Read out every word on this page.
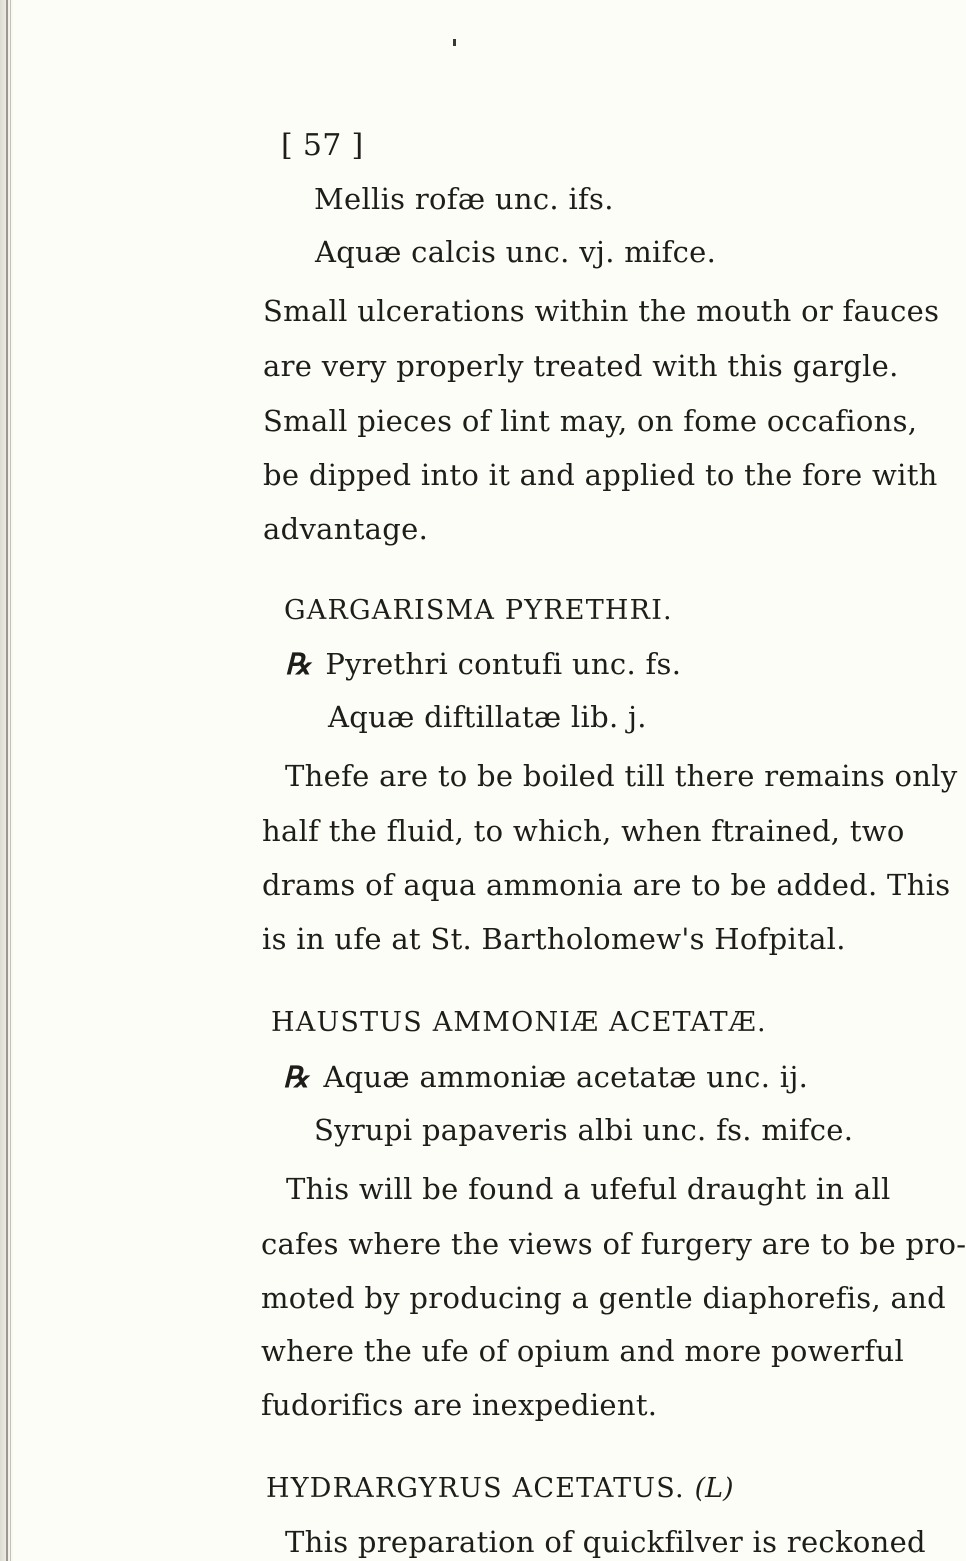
[ 57 ]
Mellis rofæ unc. ifs.
Aquæ calcis unc. vj. mifce.
Small ulcerations within the mouth or fauces
are very properly treated with this gargle.
Small pieces of lint may, on fome occafions,
be dipped into it and applied to the fore with
advantage.
GARGARISMA PYRETHRI.
℞ Pyrethri contufi unc. fs.
Aquæ diftillatæ lib. j.
Thefe are to be boiled till there remains only
half the fluid, to which, when ftrained, two
drams of aqua ammonia are to be added. This
is in ufe at St. Bartholomew's Hofpital.
HAUSTUS AMMONIÆ ACETATÆ.
℞ Aquæ ammoniæ acetatæ unc. ij.
Syrupi papaveris albi unc. fs. mifce.
This will be found a ufeful draught in all
cafes where the views of furgery are to be pro-
moted by producing a gentle diaphorefis, and
where the ufe of opium and more powerful
fudorifics are inexpedient.
HYDRARGYRUS ACETATUS. (L)
This preparation of quickfilver is reckoned
